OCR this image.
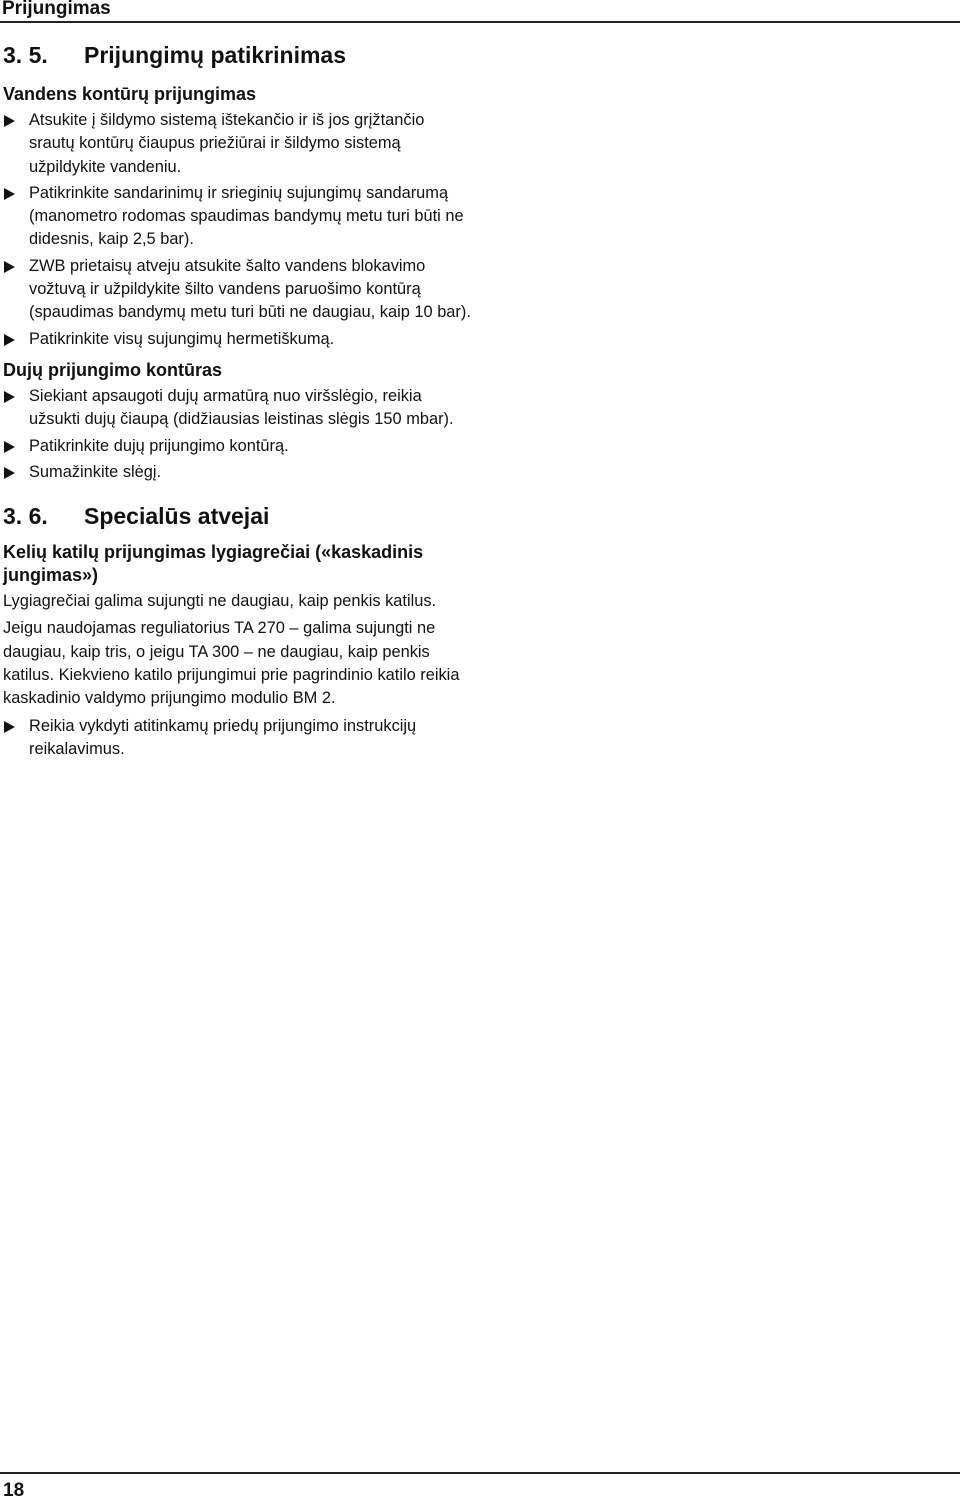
Prijungimas
3. 5. Prijungimų patikrinimas
Vandens kontūrų prijungimas
Atsukite į šildymo sistemą ištekančio ir iš jos grįžtančio srautų kontūrų čiaupus priežiūrai ir šildymo sistemą užpildykite vandeniu.
Patikrinkite sandarinimų ir srieginių sujungimų sandarumą (manometro rodomas spaudimas bandymų metu turi būti ne didesnis, kaip 2,5 bar).
ZWB prietaisų atveju atsukite šalto vandens blokavimo vožtuvą ir užpildykite šilto vandens paruošimo kontūrą (spaudimas bandymų metu turi būti ne daugiau, kaip 10 bar).
Patikrinkite visų sujungimų hermetiškumą.
Dujų prijungimo kontūras
Siekiant apsaugoti dujų armatūrą nuo viršslėgio, reikia užsukti dujų čiaupą (didžiausias leistinas slėgis 150 mbar).
Patikrinkite dujų prijungimo kontūrą.
Sumažinkite slėgį.
3. 6. Specialūs atvejai
Kelių katilų prijungimas lygiagrečiai («kaskadinis jungimas»)

Lygiagrečiai galima sujungti ne daugiau, kaip penkis katilus.

Jeigu naudojamas reguliatorius TA 270 – galima sujungti ne daugiau, kaip tris, o jeigu TA 300 – ne daugiau, kaip penkis katilus. Kiekvieno katilo prijungimui prie pagrindinio katilo reikia kaskadinio valdymo prijungimo modulio BM 2.

Reikia vykdyti atitinkamų priedų prijungimo instrukcijų reikalavimus.
18
